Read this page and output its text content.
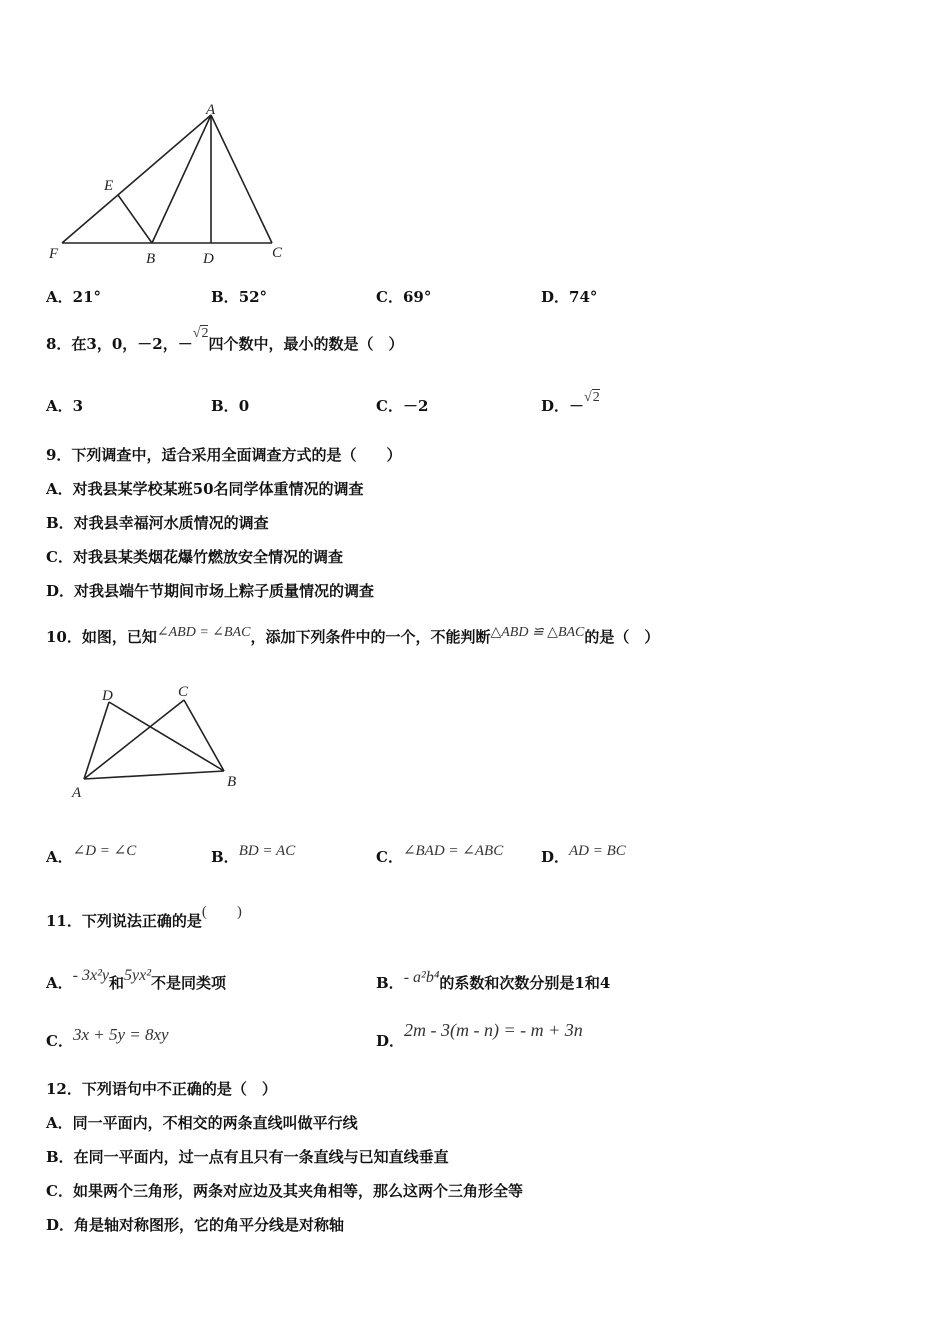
A
E
F	B	D	C
A．21°	B．52°	C．69°	D．74°
8．在3，0，－2，－√2四个数中，最小的数是（　）
A．3	B．0	C．－2	D．－√2
9．下列调查中，适合采用全面调查方式的是（　　）
A．对我县某学校某班50名同学体重情况的调查
B．对我县幸福河水质情况的调查
C．对我县某类烟花爆竹燃放安全情况的调查
D．对我县端午节期间市场上粽子质量情况的调查
10．如图，已知∠ABD = ∠BAC，添加下列条件中的一个，不能判断△ABD ≌ △BAC的是（　）
D	C
A
B
A．∠D = ∠C	B．BD = AC	C．∠BAD = ∠ABC	D．AD = BC
11．下列说法正确的是(　　)
A．- 3x²y和5yx²不是同类项	B．- a²b⁴的系数和次数分别是1和4
C．3x + 5y = 8xy	D．2m - 3(m - n) = - m + 3n
12．下列语句中不正确的是（　）
A．同一平面内，不相交的两条直线叫做平行线
B．在同一平面内，过一点有且只有一条直线与已知直线垂直
C．如果两个三角形，两条对应边及其夹角相等，那么这两个三角形全等
D．角是轴对称图形，它的角平分线是对称轴
